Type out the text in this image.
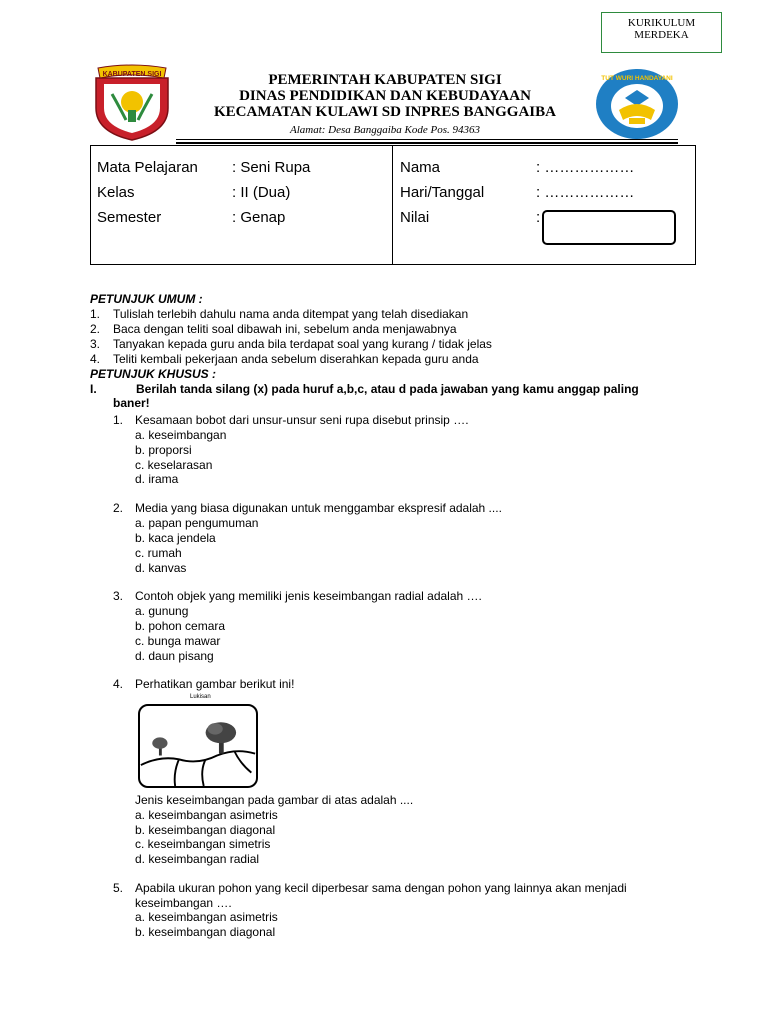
KURIKULUM
MERDEKA
KABUPATEN SIGI
TUT WURI HANDAYANI
PEMERINTAH KABUPATEN SIGI
DINAS PENDIDIKAN DAN KEBUDAYAAN
KECAMATAN KULAWI SD INPRES BANGGAIBA
Alamat: Desa Banggaiba Kode Pos. 94363
Mata Pelajaran : Seni Rupa
Kelas	: II (Dua)
Semester	: Genap
Nama	: ………………
Hari/Tanggal	: ………………
Nilai	:
PETUNJUK UMUM :
1. Tulislah terlebih dahulu nama anda ditempat yang telah disediakan
2. Baca dengan teliti soal dibawah ini, sebelum anda menjawabnya
3. Tanyakan kepada guru anda bila terdapat soal yang kurang / tidak jelas
4. Teliti kembali pekerjaan anda sebelum diserahkan kepada guru anda
PETUNJUK KHUSUS :
I.	Berilah tanda silang (x) pada huruf a,b,c, atau d pada jawaban yang kamu anggap paling
baner!
1. Kesamaan bobot dari unsur-unsur seni rupa disebut prinsip ….
a. keseimbangan
b. proporsi
c. keselarasan
d. irama
2. Media yang biasa digunakan untuk menggambar ekspresif adalah ....
a. papan pengumuman
b. kaca jendela
c. rumah
d. kanvas
3. Contoh objek yang memiliki jenis keseimbangan radial adalah ….
a. gunung
b. pohon cemara
c. bunga mawar
d. daun pisang
4. Perhatikan gambar berikut ini!
Lukisan
Jenis keseimbangan pada gambar di atas adalah ....
a. keseimbangan asimetris
b. keseimbangan diagonal
c. keseimbangan simetris
d. keseimbangan radial
5. Apabila ukuran pohon yang kecil diperbesar sama dengan pohon yang lainnya akan menjadi
keseimbangan ….
a. keseimbangan asimetris
b. keseimbangan diagonal
